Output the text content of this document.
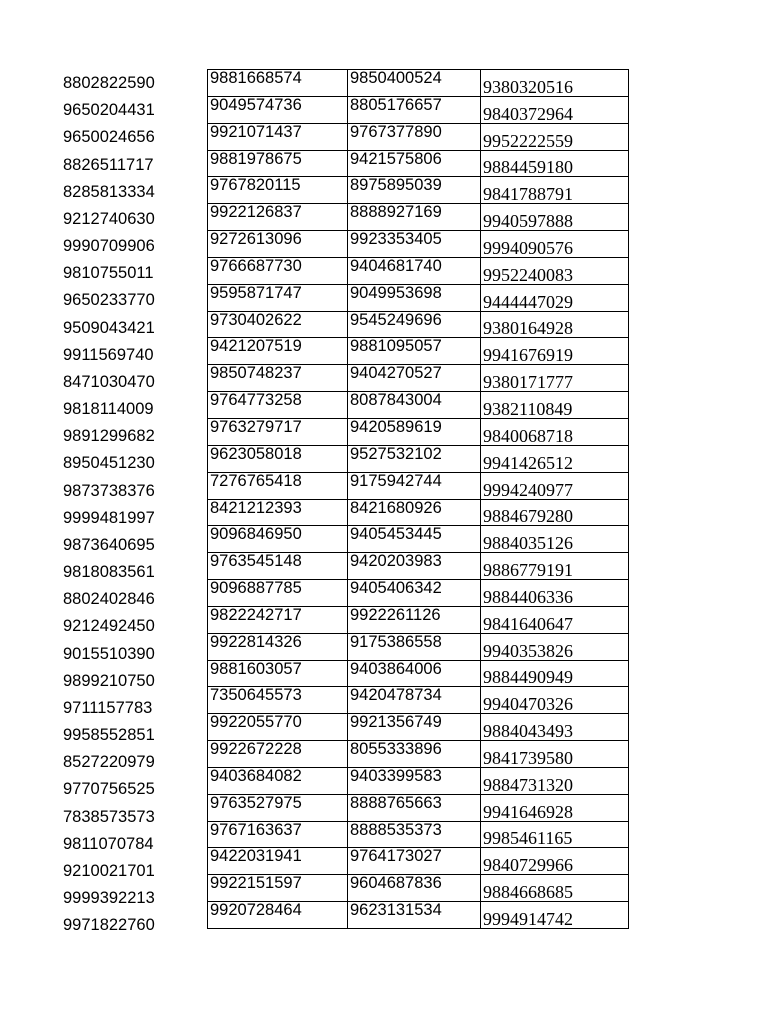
8802822590
9650204431
9650024656
8826511717
8285813334
9212740630
9990709906
9810755011
9650233770
9509043421
9911569740
8471030470
9818114009
9891299682
8950451230
9873738376
9999481997
9873640695
9818083561
8802402846
9212492450
9015510390
9899210750
9711157783
9958552851
8527220979
9770756525
7838573573
9811070784
9210021701
9999392213
9971822760
9881668574	9850400524	9380320516
9049574736	8805176657	9840372964
9921071437	9767377890	9952222559
9881978675	9421575806	9884459180
9767820115	8975895039	9841788791
9922126837	8888927169	9940597888
9272613096	9923353405	9994090576
9766687730	9404681740	9952240083
9595871747	9049953698	9444447029
9730402622	9545249696	9380164928
9421207519	9881095057	9941676919
9850748237	9404270527	9380171777
9764773258	8087843004	9382110849
9763279717	9420589619	9840068718
9623058018	9527532102	9941426512
7276765418	9175942744	9994240977
8421212393	8421680926	9884679280
9096846950	9405453445	9884035126
9763545148	9420203983	9886779191
9096887785	9405406342	9884406336
9822242717	9922261126	9841640647
9922814326	9175386558	9940353826
9881603057	9403864006	9884490949
7350645573	9420478734	9940470326
9922055770	9921356749	9884043493
9922672228	8055333896	9841739580
9403684082	9403399583	9884731320
9763527975	8888765663	9941646928
9767163637	8888535373	9985461165
9422031941	9764173027	9840729966
9922151597	9604687836	9884668685
9920728464	9623131534	9994914742
